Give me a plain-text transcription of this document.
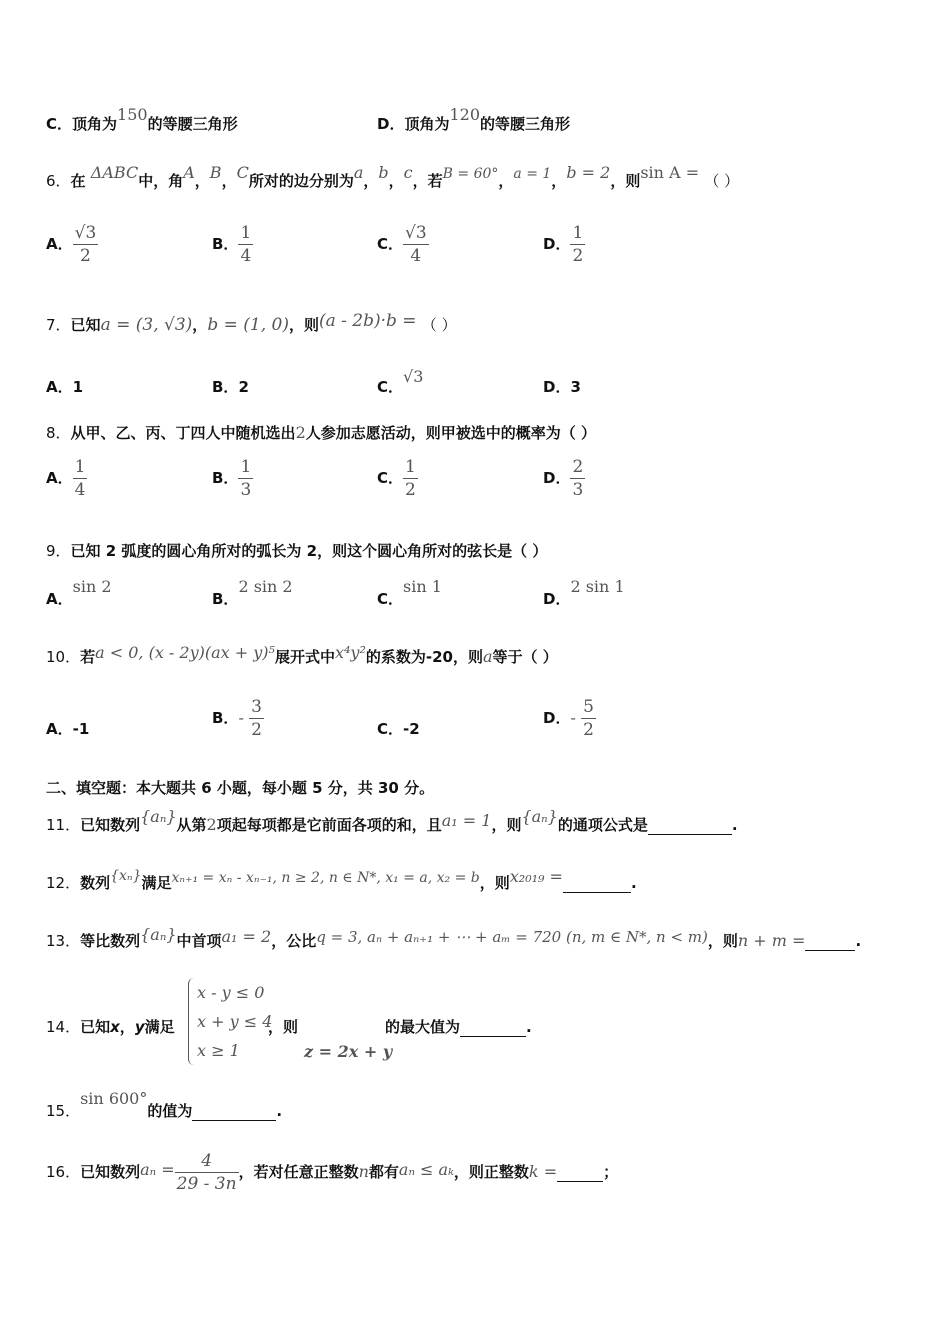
C．顶角为150的等腰三角形	D．顶角为120的等腰三角形
6．在 ΔABC中，角A，B，C所对的边分别为a，b，c，若B = 60°，a = 1，b = 2，则sin A = （ ）
A． $\frac{√3}{2}$	B． $\frac{1}{4}$	C． $\frac{√3}{4}$	D． $\frac{1}{2}$
7．已知a = (3, √3)，b = (1, 0)，则(a - 2b)·b = （ ）
A．1	B．2	C．√3
D．3
8．从甲、乙、丙、丁四人中随机选出2人参加志愿活动，则甲被选中的概率为（ ）
A． $\frac{1}{4}$	B． $\frac{1}{3}$	C． $\frac{1}{2}$	D． $\frac{2}{3}$
9．已知 2 弧度的圆心角所对的弧长为 2，则这个圆心角所对的弦长是（ ）
A．sin 2
B．2 sin 2
C．sin 1
D．2 sin 1
10．若a < 0, (x - 2y)(ax + y)⁵展开式中x⁴y²的系数为-20，则a等于（ ）
A．-1
B．- $\frac{3}{2}$	C．-2
D．- $\frac{5}{2}$
二、填空题：本大题共 6 小题，每小题 5 分，共 30 分。
11．已知数列{aₙ}从第2项起每项都是它前面各项的和，且a₁ = 1，则{aₙ}的通项公式是	.
12．数列{xₙ}满足xₙ₊₁ = xₙ - xₙ₋₁, n ≥ 2, n ∈ N*, x₁ = a, x₂ = b，则x₂₀₁₉ =	.
13．等比数列{aₙ}中首项a₁ = 2，公比q = 3, aₙ + aₙ₊₁ + ⋯ + aₘ = 720 (n, m ∈ N*, n < m)，则n + m =	.
14．已知x，y满足
x - y ≤ 0
x + y ≤ 4
x ≥ 1
，则	的最大值为	.
z = 2x + y
15．sin 600°的值为	.
16．已知数列$a_n = \frac{4}{29 - 3n}$ ，若对任意正整数n都有aₙ ≤ aₖ，则正整数k =	；
